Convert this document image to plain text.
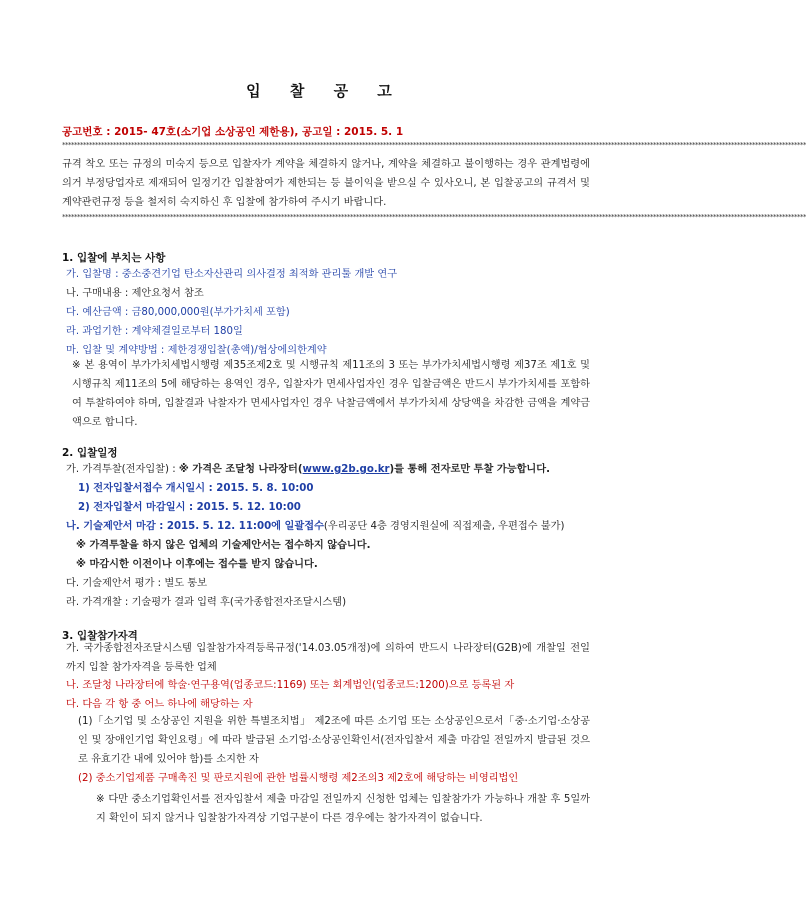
입 찰 공 고
공고번호 : 2015- 47호(소기업 소상공인 제한용), 공고일 : 2015. 5. 1
********************************************************************************************************************************************************************************************************************************************************
규격 착오 또는 규정의 미숙지 등으로 입찰자가 계약을 체결하지 않거나, 계약을 체결하고 불이행하는 경우 관계법령에 의거 부정당업자로 제재되어 일정기간 입찰참여가 제한되는 등 불이익을 받으실 수 있사오니, 본 입찰공고의 규격서 및 계약관련규정 등을 철저히 숙지하신 후 입찰에 참가하여 주시기 바랍니다.
********************************************************************************************************************************************************************************************************************************************************
1. 입찰에 부치는 사항
가. 입찰명 : 중소중견기업 탄소자산관리 의사결정 최적화 관리툴 개발 연구
나. 구매내용 : 제안요청서 참조
다. 예산금액 : 금80,000,000원(부가가치세 포함)
라. 과업기한 : 계약체결일로부터 180일
마. 입찰 및 계약방법 : 제한경쟁입찰(총액)/협상에의한계약
※ 본 용역이 부가가치세법시행령 제35조제2호 및 시행규칙 제11조의 3 또는 부가가치세법시행령 제37조 제1호 및 시행규칙 제11조의 5에 해당하는 용역인 경우, 입찰자가 면세사업자인 경우 입찰금액은 반드시 부가가치세를 포함하여 투찰하여야 하며, 입찰결과 낙찰자가 면세사업자인 경우 낙찰금액에서 부가가치세 상당액을 차감한 금액을 계약금액으로 합니다.
2. 입찰일정
가. 가격투찰(전자입찰) : ※ 가격은 조달청 나라장터(www.g2b.go.kr)를 통해 전자로만 투찰 가능합니다.
1) 전자입찰서접수 개시일시 : 2015. 5. 8. 10:00
2) 전자입찰서 마감일시 : 2015. 5. 12. 10:00
나. 기술제안서 마감 : 2015. 5. 12. 11:00에 일괄접수(우리공단 4층 경영지원실에 직접제출, 우편접수 불가)
※ 가격투찰을 하지 않은 업체의 기술제안서는 접수하지 않습니다.
※ 마감시한 이전이나 이후에는 접수를 받지 않습니다.
다. 기술제안서 평가 : 별도 통보
라. 가격개찰 : 기술평가 결과 입력 후(국가종합전자조달시스템)
3. 입찰참가자격
가. 국가종합전자조달시스템 입찰참가자격등록규정('14.03.05개정)에 의하여 반드시 나라장터(G2B)에 개찰일 전일까지 입찰 참가자격을 등록한 업체
나. 조달청 나라장터에 학술·연구용역(업종코드:1169) 또는 회계법인(업종코드:1200)으로 등록된 자
다. 다음 각 항 중 어느 하나에 해당하는 자
(1)「소기업 및 소상공인 지원을 위한 특별조치법」 제2조에 따른 소기업 또는 소상공인으로서「중·소기업·소상공인 및 장애인기업 확인요령」에 따라 발급된 소기업·소상공인확인서(전자입찰서 제출 마감일 전일까지 발급된 것으로 유효기간 내에 있어야 함)를 소지한 자
(2) 중소기업제품 구매촉진 및 판로지원에 관한 법률시행령 제2조의3 제2호에 해당하는 비영리법인
※ 다만 중소기업확인서를 전자입찰서 제출 마감일 전일까지 신청한 업체는 입찰참가가 가능하나 개찰 후 5일까지 확인이 되지 않거나 입찰참가자격상 기업구분이 다른 경우에는 참가자격이 없습니다.
